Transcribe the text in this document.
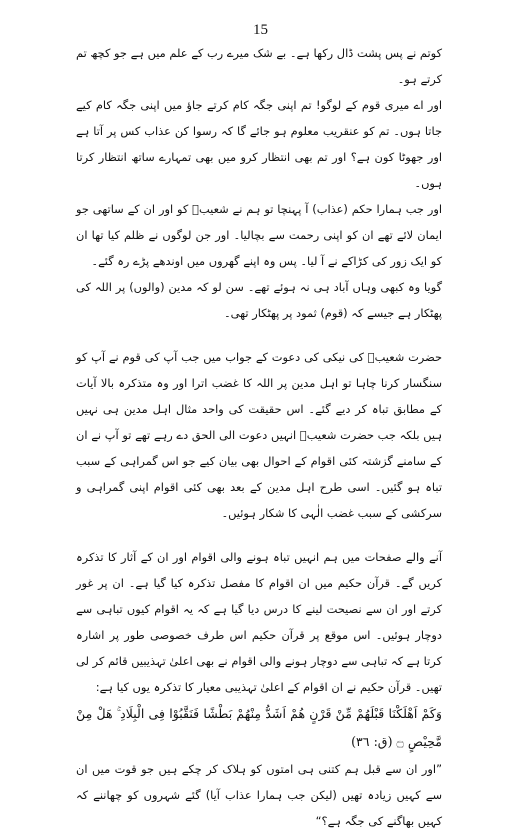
15

کوتم نے پس پشت ڈال رکھا ہے۔ بے شک میرے رب کے علم میں ہے جو کچھ تم کرتے ہو۔

اور اے میری قوم کے لوگو! تم اپنی جگہ کام کرتے جاؤ میں اپنی جگہ کام کیے جاتا ہوں۔ تم کو عنقریب معلوم ہو جائے گا کہ رسوا کن عذاب کس پر آتا ہے اور جھوٹا کون ہے؟ اور تم بھی انتظار کرو میں بھی تمہارے ساتھ انتظار کرتا ہوں۔

اور جب ہمارا حکم (عذاب) آ پہنچا تو ہم نے شعیبؑ کو اور ان کے ساتھی جو ایمان لائے تھے ان کو اپنی رحمت سے بچالیا۔ اور جن لوگوں نے ظلم کیا تھا ان کو ایک زور کی کڑاکے نے آ لیا۔ پس وہ اپنے گھروں میں اوندھے پڑے رہ گئے۔

گویا وہ کبھی وہاں آباد ہی نہ ہوئے تھے۔ سن لو کہ مدین (والوں) پر اللہ کی پھٹکار ہے جیسے کہ (قوم) ثمود پر پھٹکار تھی۔

حضرت شعیبؑ کی نیکی کی دعوت کے جواب میں جب آپ کی قوم نے آپ کو سنگسار کرنا چاہا تو اہل مدین پر اللہ کا غضب اترا اور وہ متذکرہ بالا آیات کے مطابق تباہ کر دیے گئے۔ اس حقیقت کی واحد مثال اہل مدین ہی نہیں ہیں بلکہ جب حضرت شعیبؑ انہیں دعوت الی الحق دے رہے تھے تو آپ نے ان کے سامنے گزشتہ کئی اقوام کے احوال بھی بیان کیے جو اس گمراہی کے سبب تباہ ہو گئیں۔ اسی طرح اہل مدین کے بعد بھی کئی اقوام اپنی گمراہی و سرکشی کے سبب غضب الٰہی کا شکار ہوئیں۔

آنے والے صفحات میں ہم انہیں تباہ ہونے والی اقوام اور ان کے آثار کا تذکرہ کریں گے۔ قرآن حکیم میں ان اقوام کا مفصل تذکرہ کیا گیا ہے۔ ان پر غور کرتے اور ان سے نصیحت لینے کا درس دیا گیا ہے کہ یہ اقوام کیوں تباہی سے دوچار ہوئیں۔ اس موقع پر قرآن حکیم اس طرف خصوصی طور پر اشارہ کرتا ہے کہ تباہی سے دوچار ہونے والی اقوام نے بھی اعلیٰ تہذیبیں قائم کر لی تھیں۔ قرآن حکیم نے ان اقوام کے اعلیٰ تہذیبی معیار کا تذکرہ یوں کیا ہے:

وَكَمْ اَهْلَكْنَا قَبْلَهُمْ مِّنْ قَرْنٍ هُمْ اَشَدُّ مِنْهُمْ بَطْشًا فَنَقَّبُوْا فِى الْبِلَادِ ۚ هَلْ مِنْ مَّحِيْصٍ ۝ (ق: ٣٦)

”اور ان سے قبل ہم کتنی ہی امتوں کو ہلاک کر چکے ہیں جو قوت میں ان سے کہیں زیادہ تھیں (لیکن جب ہمارا عذاب آیا) گئے شہروں کو چھاننے کہ کہیں بھاگنے کی جگہ ہے؟“
